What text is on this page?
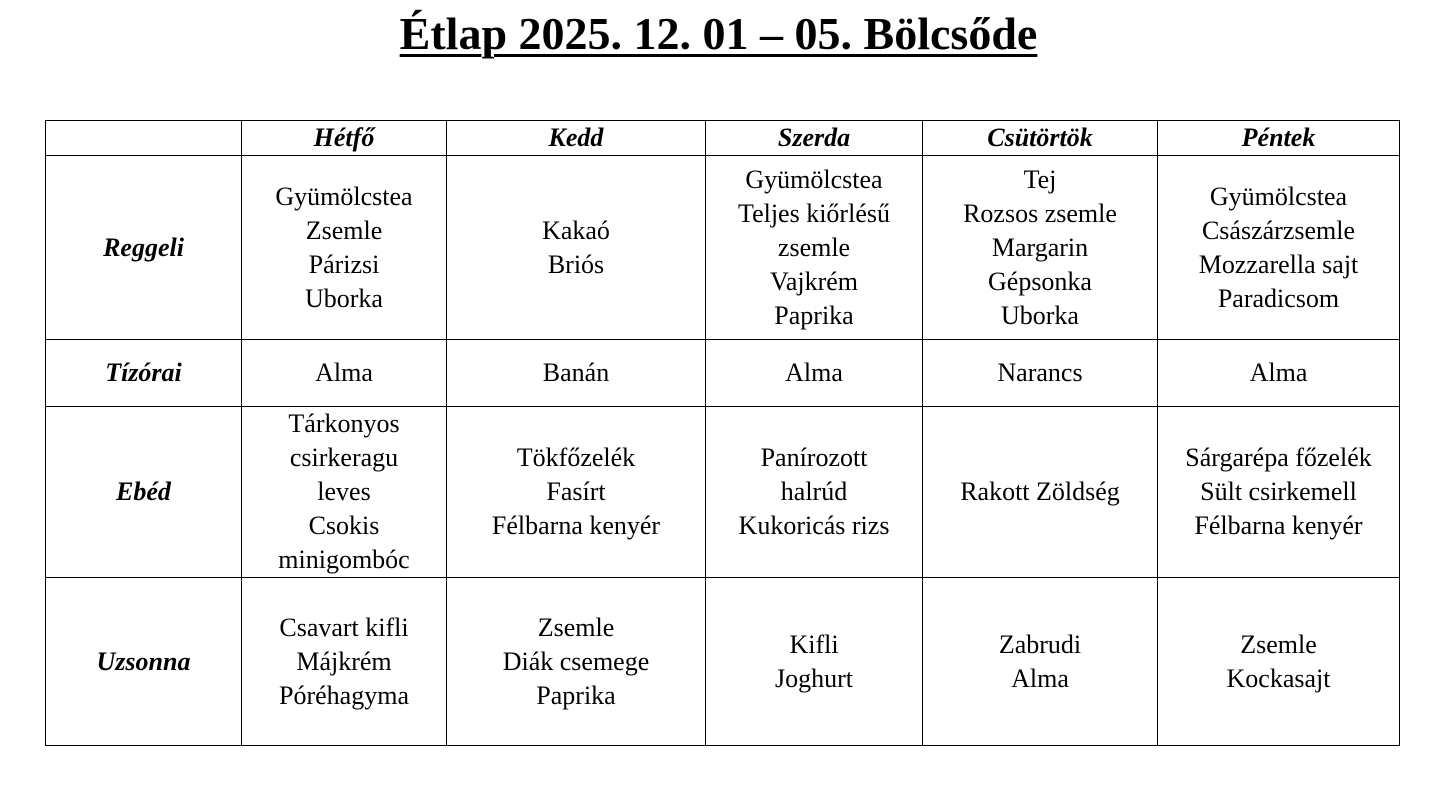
Étlap 2025. 12. 01 – 05. Bölcsőde
	Hétfő	Kedd	Szerda	Csütörtök	Péntek
Reggeli	Gyümölcstea
Zsemle
Párizsi
Uborka	Kakaó
Briós	Gyümölcstea
Teljes kiőrlésű
zsemle
Vajkrém
Paprika	Tej
Rozsos zsemle
Margarin
Gépsonka
Uborka	Gyümölcstea
Császárzsemle
Mozzarella sajt
Paradicsom

Tízórai	Alma	Banán	Alma	Narancs	Alma

Ebéd	Tárkonyos
csirkeragu
leves
Csokis
minigombóc	Tökfőzelék
Fasírt
Félbarna kenyér	Panírozott
halrúd
Kukoricás rizs	Rakott Zöldség	Sárgarépa főzelék
Sült csirkemell
Félbarna kenyér

Uzsonna	Csavart kifli
Májkrém
Póréhagyma	Zsemle
Diák csemege
Paprika	Kifli
Joghurt	Zabrudi
Alma	Zsemle
Kockasajt
